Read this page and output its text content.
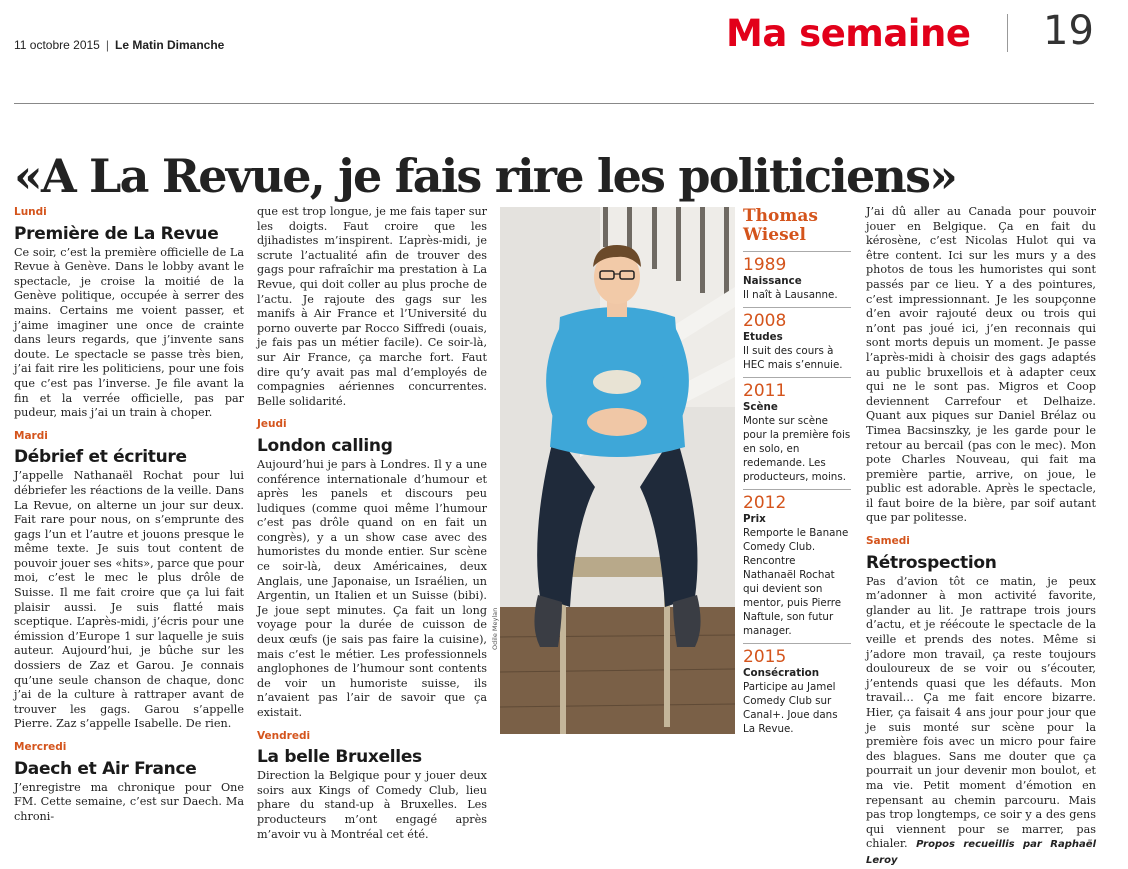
11 octobre 2015 | Le Matin Dimanche	Ma semaine 19
«A La Revue, je fais rire les politiciens»
Lundi
Première de La Revue

Ce soir, c’est la première officielle de La Revue à Genève. Dans le lobby avant le spectacle, je croise la moitié de la Genève politique, occupée à serrer des mains. Certains me voient passer, et j’aime imaginer une once de crainte dans leurs regards, que j’invente sans doute. Le spectacle se passe très bien, j’ai fait rire les politiciens, pour une fois que c’est pas l’inverse. Je file avant la fin et la verrée officielle, pas par pudeur, mais j’ai un train à choper.

Mardi
Débrief et écriture

J’appelle Nathanaël Rochat pour lui débriefer les réactions de la veille. Dans La Revue, on alterne un jour sur deux. Fait rare pour nous, on s’emprunte des gags l’un et l’autre et jouons presque le même texte. Je suis tout content de pouvoir jouer ses «hits», parce que pour moi, c’est le mec le plus drôle de Suisse. Il me fait croire que ça lui fait plaisir aussi. Je suis flatté mais sceptique. L’après-midi, j’écris pour une émission d’Europe 1 sur laquelle je suis auteur. Aujourd’hui, je bûche sur les dossiers de Zaz et Garou. Je connais qu’une seule chanson de chaque, donc j’ai de la culture à rattraper avant de trouver les gags. Garou s’appelle Pierre. Zaz s’appelle Isabelle. De rien.

Mercredi
Daech et Air France

J’enregistre ma chronique pour One FM. Cette semaine, c’est sur Daech. Ma chroni-

que est trop longue, je me fais taper sur les doigts. Faut croire que les djihadistes m’inspirent. L’après-midi, je scrute l’actualité afin de trouver des gags pour rafraîchir ma prestation à La Revue, qui doit coller au plus proche de l’actu. Je rajoute des gags sur les manifs à Air France et l’Université du porno ouverte par Rocco Siffredi (ouais, je fais pas un métier facile). Ce soir-là, sur Air France, ça marche fort. Faut dire qu’y avait pas mal d’employés de compagnies aériennes concurrentes. Belle solidarité.

Jeudi
London calling

Aujourd’hui je pars à Londres. Il y a une conférence internationale d’humour et après les panels et discours peu ludiques (comme quoi même l’humour c’est pas drôle quand on en fait un congrès), y a un show case avec des humoristes du monde entier. Sur scène ce soir-là, deux Américaines, deux Anglais, une Japonaise, un Israélien, un Argentin, un Italien et un Suisse (bibi). Je joue sept minutes. Ça fait un long voyage pour la durée de cuisson de deux œufs (je sais pas faire la cuisine), mais c’est le métier. Les professionnels anglophones de l’humour sont contents de voir un humoriste suisse, ils n’avaient pas l’air de savoir que ça existait.

Vendredi
La belle Bruxelles

Direction la Belgique pour y jouer deux soirs aux Kings of Comedy Club, lieu phare du stand-up à Bruxelles. Les producteurs m’ont engagé après m’avoir vu à Montréal cet été.

Odile Meylan
Thomas
Wiesel
1989
Naissance
Il naît à Lausanne.
2008
Etudes
Il suit des cours à HEC mais s’ennuie.
2011
Scène
Monte sur scène pour la première fois en solo, en redemande. Les producteurs, moins.
2012
Prix
Remporte le Banane Comedy Club. Rencontre Nathanaël Rochat qui devient son mentor, puis Pierre Naftule, son futur manager.
2015
Consécration
Participe au Jamel Comedy Club sur Canal+. Joue dans La Revue.

J’ai dû aller au Canada pour pouvoir jouer en Belgique. Ça en fait du kérosène, c’est Nicolas Hulot qui va être content. Ici sur les murs y a des photos de tous les humoristes qui sont passés par ce lieu. Y a des pointures, c’est impressionnant. Je les soupçonne d’en avoir rajouté deux ou trois qui n’ont pas joué ici, j’en reconnais qui sont morts depuis un moment. Je passe l’après-midi à choisir des gags adaptés au public bruxellois et à adapter ceux qui ne le sont pas. Migros et Coop deviennent Carrefour et Delhaize. Quant aux piques sur Daniel Brélaz ou Timea Bacsinszky, je les garde pour le retour au bercail (pas con le mec). Mon pote Charles Nouveau, qui fait ma première partie, arrive, on joue, le public est adorable. Après le spectacle, il faut boire de la bière, par soif autant que par politesse.

Samedi
Rétrospection

Pas d’avion tôt ce matin, je peux m’adonner à mon activité favorite, glander au lit. Je rattrape trois jours d’actu, et je réécoute le spectacle de la veille et prends des notes. Même si j’adore mon travail, ça reste toujours douloureux de se voir ou s’écouter, j’entends quasi que les défauts. Mon travail… Ça me fait encore bizarre. Hier, ça faisait 4 ans jour pour jour que je suis monté sur scène pour la première fois avec un micro pour faire des blagues. Sans me douter que ça pourrait un jour devenir mon boulot, et ma vie. Petit moment d’émotion en repensant au chemin parcouru. Mais pas trop longtemps, ce soir y a des gens qui viennent pour se marrer, pas chialer. Propos recueillis par Raphaël Leroy
